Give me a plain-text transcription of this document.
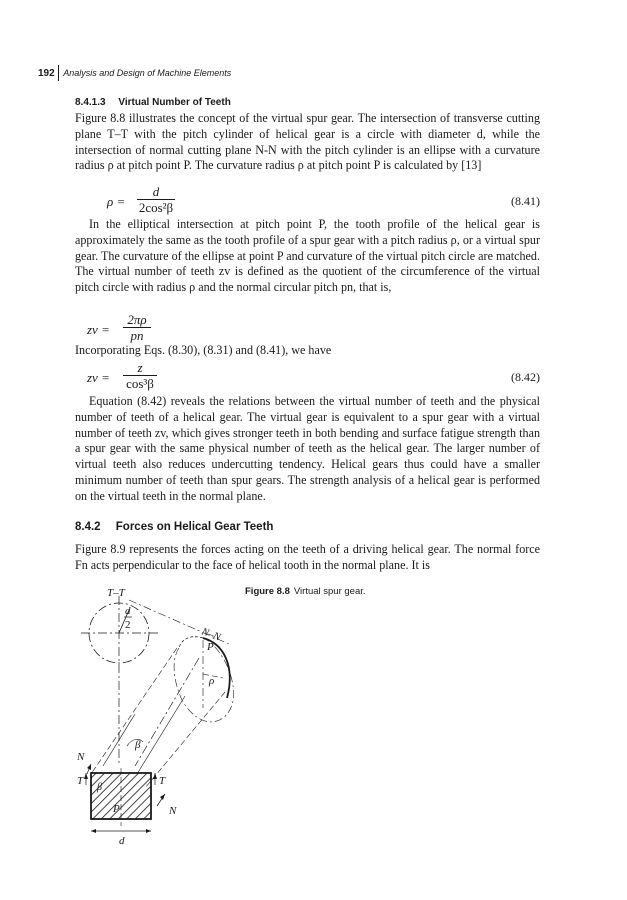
192 Analysis and Design of Machine Elements
8.4.1.3 Virtual Number of Teeth
Figure 8.8 illustrates the concept of the virtual spur gear. The intersection of transverse cutting plane T–T with the pitch cylinder of helical gear is a circle with diameter d, while the intersection of normal cutting plane N-N with the pitch cylinder is an ellipse with a curvature radius ρ at pitch point P. The curvature radius ρ at pitch point P is calculated by [13]
ρ =
d
2cos²β	(8.41)
In the elliptical intersection at pitch point P, the tooth profile of the helical gear is approximately the same as the tooth profile of a spur gear with a pitch radius ρ, or a virtual spur gear. The curvature of the ellipse at point P and curvature of the virtual pitch circle are matched. The virtual number of teeth zv is defined as the quotient of the circumference of the virtual pitch circle with radius ρ and the normal circular pitch pn, that is,
zv =
2πρ
pn
Incorporating Eqs. (8.30), (8.31) and (8.41), we have
zv =
z
cos³β	(8.42)
Equation (8.42) reveals the relations between the virtual number of teeth and the physical number of teeth of a helical gear. The virtual gear is equivalent to a spur gear with a virtual number of teeth zv, which gives stronger teeth in both bending and surface fatigue strength than a spur gear with the same physical number of teeth as the helical gear. The larger number of virtual teeth also reduces undercutting tendency. Helical gears thus could have a smaller minimum number of teeth than spur gears. The strength analysis of a helical gear is performed on the virtual teeth in the normal plane.
8.4.2 Forces on Helical Gear Teeth
Figure 8.9 represents the forces acting on the teeth of a driving helical gear. The normal force Fn acts perpendicular to the face of helical tooth in the normal plane. It is
T–T
d
2
N–N
P
ρ
β
N
T	T
β
P	N
d
Figure 8.8 Virtual spur gear.
